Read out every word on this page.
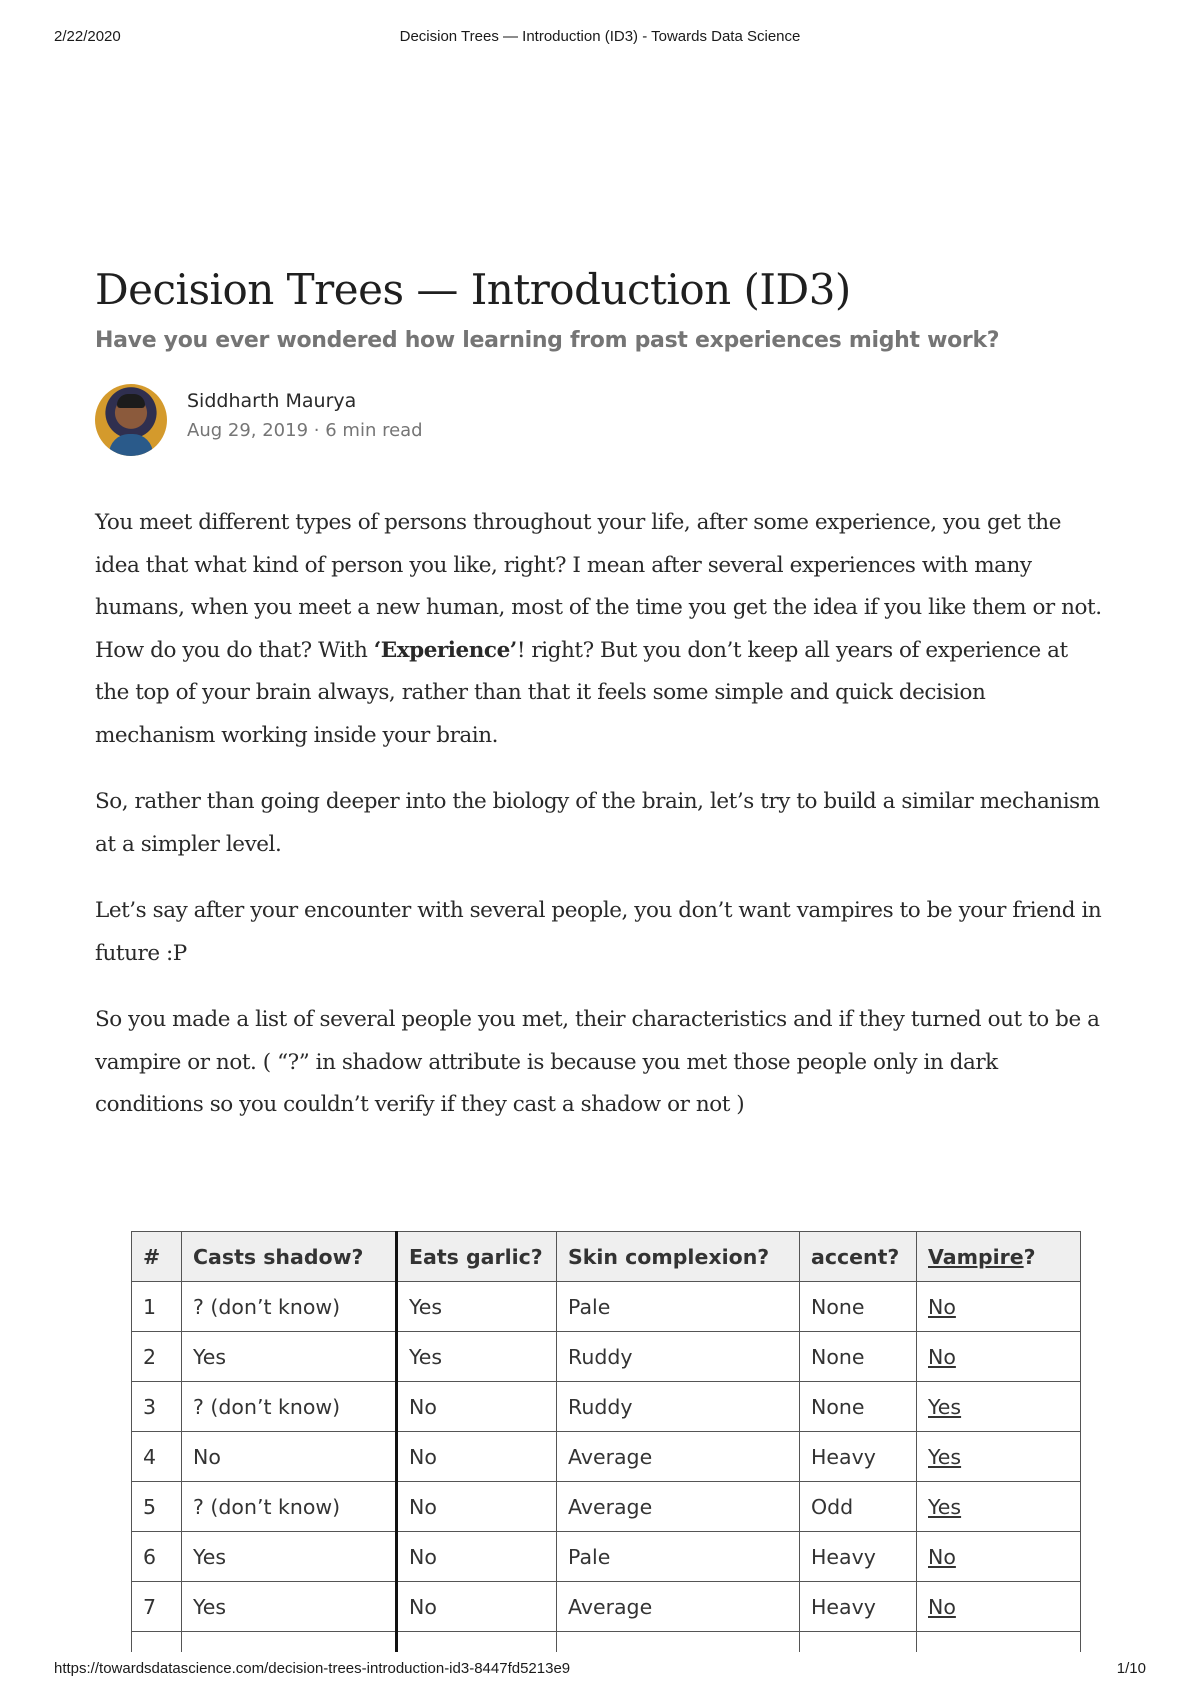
2/22/2020	Decision Trees — Introduction (ID3) - Towards Data Science
Decision Trees — Introduction (ID3)
Have you ever wondered how learning from past experiences might work?
Siddharth Maurya
Aug 29, 2019 · 6 min read

You meet different types of persons throughout your life, after some experience, you get the idea that what kind of person you like, right? I mean after several experiences with many humans, when you meet a new human, most of the time you get the idea if you like them or not. How do you do that? With ‘Experience’! right? But you don’t keep all years of experience at the top of your brain always, rather than that it feels some simple and quick decision mechanism working inside your brain.

So, rather than going deeper into the biology of the brain, let’s try to build a similar mechanism at a simpler level.

Let’s say after your encounter with several people, you don’t want vampires to be your friend in future :P

So you made a list of several people you met, their characteristics and if they turned out to be a vampire or not. ( “?” in shadow attribute is because you met those people only in dark conditions so you couldn’t verify if they cast a shadow or not )

#	Casts shadow?	Eats garlic?	Skin complexion?	accent?	Vampire?
1	? (don’t know)	Yes	Pale	None	No
2	Yes	Yes	Ruddy	None	No
3	? (don’t know)	No	Ruddy	None	Yes
4	No	No	Average	Heavy	Yes
5	? (don’t know)	No	Average	Odd	Yes
6	Yes	No	Pale	Heavy	No
7	Yes	No	Average	Heavy	No

https://towardsdatascience.com/decision-trees-introduction-id3-8447fd5213e9	1/10
